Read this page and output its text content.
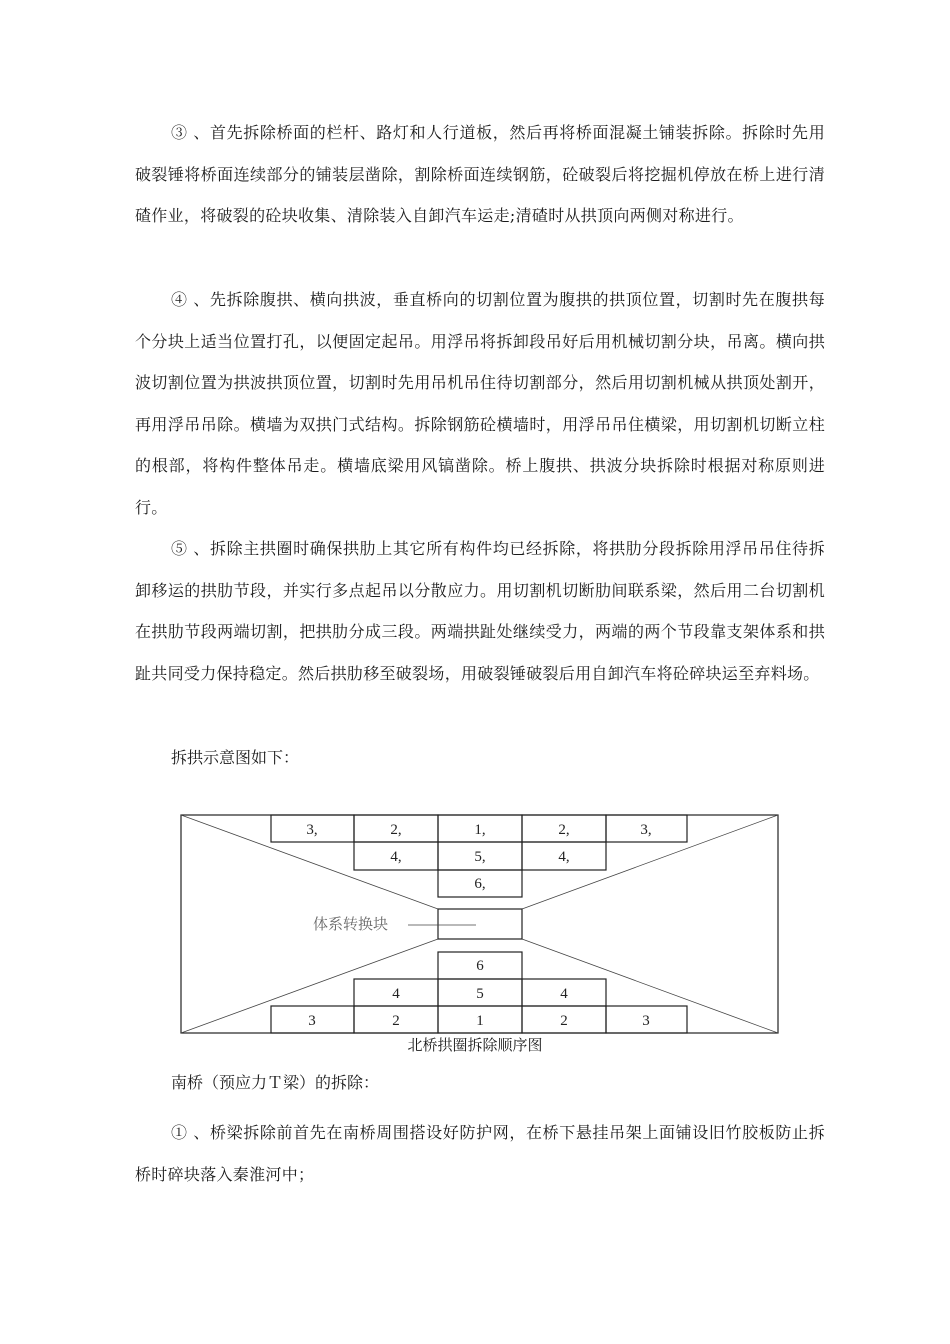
③ 、首先拆除桥面的栏杆、路灯和人行道板，然后再将桥面混凝土铺装拆除。拆除时先用破裂锤将桥面连续部分的铺装层凿除，割除桥面连续钢筋，砼破裂后将挖掘机停放在桥上进行清碴作业，将破裂的砼块收集、清除装入自卸汽车运走;清碴时从拱顶向两侧对称进行。

④ 、先拆除腹拱、横向拱波，垂直桥向的切割位置为腹拱的拱顶位置，切割时先在腹拱每个分块上适当位置打孔，以便固定起吊。用浮吊将拆卸段吊好后用机械切割分块，吊离。横向拱波切割位置为拱波拱顶位置，切割时先用吊机吊住待切割部分，然后用切割机械从拱顶处割开，再用浮吊吊除。横墙为双拱门式结构。拆除钢筋砼横墙时，用浮吊吊住横梁，用切割机切断立柱的根部，将构件整体吊走。横墙底梁用风镐凿除。桥上腹拱、拱波分块拆除时根据对称原则进行。

⑤ 、拆除主拱圈时确保拱肋上其它所有构件均已经拆除，将拱肋分段拆除用浮吊吊住待拆卸移运的拱肋节段，并实行多点起吊以分散应力。用切割机切断肋间联系梁，然后用二台切割机在拱肋节段两端切割，把拱肋分成三段。两端拱趾处继续受力，两端的两个节段靠支架体系和拱趾共同受力保持稳定。然后拱肋移至破裂场，用破裂锤破裂后用自卸汽车将砼碎块运至弃料场。

拆拱示意图如下：

3,	2,	1,	2,	3,
4,	5,	4,
6,
体系转换块
6
4	5	4
3	2	1	2	3

北桥拱圈拆除顺序图

南桥（预应力Ｔ梁）的拆除：

① 、桥梁拆除前首先在南桥周围搭设好防护网，在桥下悬挂吊架上面铺设旧竹胶板防止拆桥时碎块落入秦淮河中；
